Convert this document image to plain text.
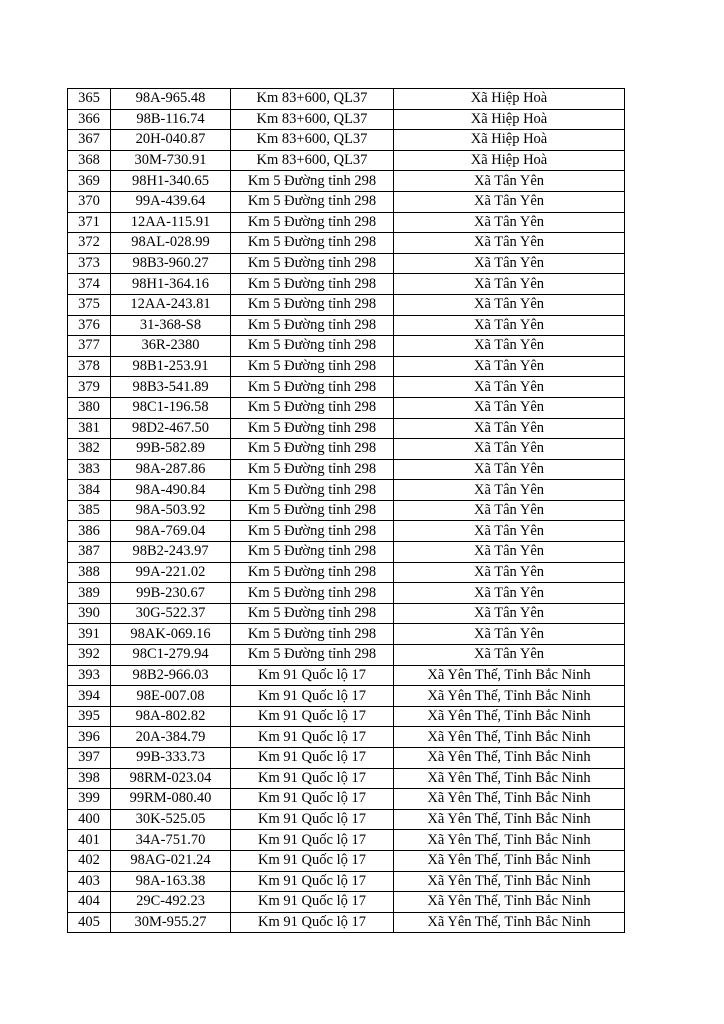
365	98A-965.48	Km 83+600, QL37	Xã Hiệp Hoà
366	98B-116.74	Km 83+600, QL37	Xã Hiệp Hoà
367	20H-040.87	Km 83+600, QL37	Xã Hiệp Hoà
368	30M-730.91	Km 83+600, QL37	Xã Hiệp Hoà
369	98H1-340.65	Km 5 Đường tỉnh 298	Xã Tân Yên
370	99A-439.64	Km 5 Đường tỉnh 298	Xã Tân Yên
371	12AA-115.91	Km 5 Đường tỉnh 298	Xã Tân Yên
372	98AL-028.99	Km 5 Đường tỉnh 298	Xã Tân Yên
373	98B3-960.27	Km 5 Đường tỉnh 298	Xã Tân Yên
374	98H1-364.16	Km 5 Đường tỉnh 298	Xã Tân Yên
375	12AA-243.81	Km 5 Đường tỉnh 298	Xã Tân Yên
376	31-368-S8	Km 5 Đường tỉnh 298	Xã Tân Yên
377	36R-2380	Km 5 Đường tỉnh 298	Xã Tân Yên
378	98B1-253.91	Km 5 Đường tỉnh 298	Xã Tân Yên
379	98B3-541.89	Km 5 Đường tỉnh 298	Xã Tân Yên
380	98C1-196.58	Km 5 Đường tỉnh 298	Xã Tân Yên
381	98D2-467.50	Km 5 Đường tỉnh 298	Xã Tân Yên
382	99B-582.89	Km 5 Đường tỉnh 298	Xã Tân Yên
383	98A-287.86	Km 5 Đường tỉnh 298	Xã Tân Yên
384	98A-490.84	Km 5 Đường tỉnh 298	Xã Tân Yên
385	98A-503.92	Km 5 Đường tỉnh 298	Xã Tân Yên
386	98A-769.04	Km 5 Đường tỉnh 298	Xã Tân Yên
387	98B2-243.97	Km 5 Đường tỉnh 298	Xã Tân Yên
388	99A-221.02	Km 5 Đường tỉnh 298	Xã Tân Yên
389	99B-230.67	Km 5 Đường tỉnh 298	Xã Tân Yên
390	30G-522.37	Km 5 Đường tỉnh 298	Xã Tân Yên
391	98AK-069.16	Km 5 Đường tỉnh 298	Xã Tân Yên
392	98C1-279.94	Km 5 Đường tỉnh 298	Xã Tân Yên
393	98B2-966.03	Km 91 Quốc lộ 17	Xã Yên Thế, Tỉnh Bắc Ninh
394	98E-007.08	Km 91 Quốc lộ 17	Xã Yên Thế, Tỉnh Bắc Ninh
395	98A-802.82	Km 91 Quốc lộ 17	Xã Yên Thế, Tỉnh Bắc Ninh
396	20A-384.79	Km 91 Quốc lộ 17	Xã Yên Thế, Tỉnh Bắc Ninh
397	99B-333.73	Km 91 Quốc lộ 17	Xã Yên Thế, Tỉnh Bắc Ninh
398	98RM-023.04	Km 91 Quốc lộ 17	Xã Yên Thế, Tỉnh Bắc Ninh
399	99RM-080.40	Km 91 Quốc lộ 17	Xã Yên Thế, Tỉnh Bắc Ninh
400	30K-525.05	Km 91 Quốc lộ 17	Xã Yên Thế, Tỉnh Bắc Ninh
401	34A-751.70	Km 91 Quốc lộ 17	Xã Yên Thế, Tỉnh Bắc Ninh
402	98AG-021.24	Km 91 Quốc lộ 17	Xã Yên Thế, Tỉnh Bắc Ninh
403	98A-163.38	Km 91 Quốc lộ 17	Xã Yên Thế, Tỉnh Bắc Ninh
404	29C-492.23	Km 91 Quốc lộ 17	Xã Yên Thế, Tỉnh Bắc Ninh
405	30M-955.27	Km 91 Quốc lộ 17	Xã Yên Thế, Tỉnh Bắc Ninh
